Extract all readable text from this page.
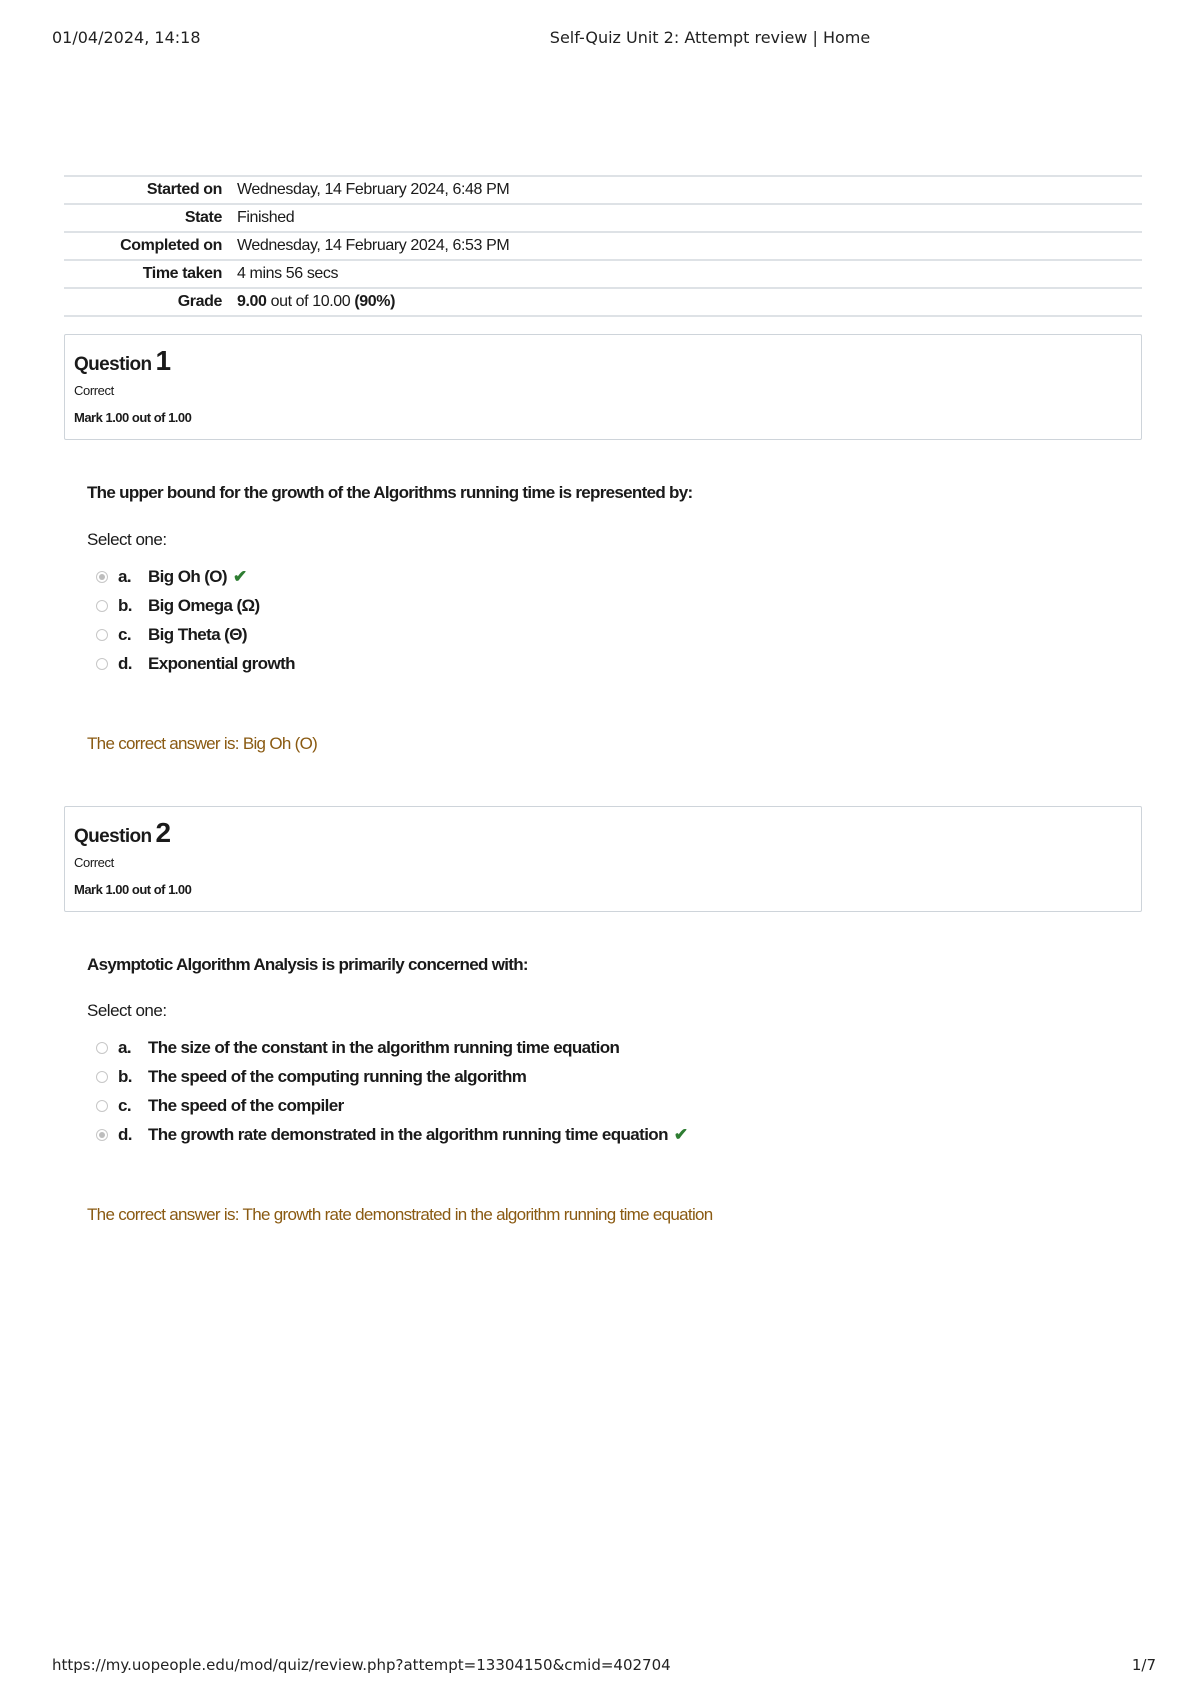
01/04/2024, 14:18	Self-Quiz Unit 2: Attempt review | Home
Started on Wednesday, 14 February 2024, 6:48 PM
State Finished
Completed on Wednesday, 14 February 2024, 6:53 PM
Time taken 4 mins 56 secs
Grade 9.00 out of 10.00 (90%)
Question 1
Correct
Mark 1.00 out of 1.00
The upper bound for the growth of the Algorithms running time is represented by:
Select one:
a.	Big Oh (O) ✔
b. Big Omega (Ω)
c.	Big Theta (Θ)
d. Exponential growth
The correct answer is: Big Oh (O)
Question 2
Correct
Mark 1.00 out of 1.00
Asymptotic Algorithm Analysis is primarily concerned with:
Select one:
a.	The size of the constant in the algorithm running time equation
b. The speed of the computing running the algorithm
c.	The speed of the compiler
d. The growth rate demonstrated in the algorithm running time equation ✔
The correct answer is: The growth rate demonstrated in the algorithm running time equation
https://my.uopeople.edu/mod/quiz/review.php?attempt=13304150&cmid=402704	1/7
